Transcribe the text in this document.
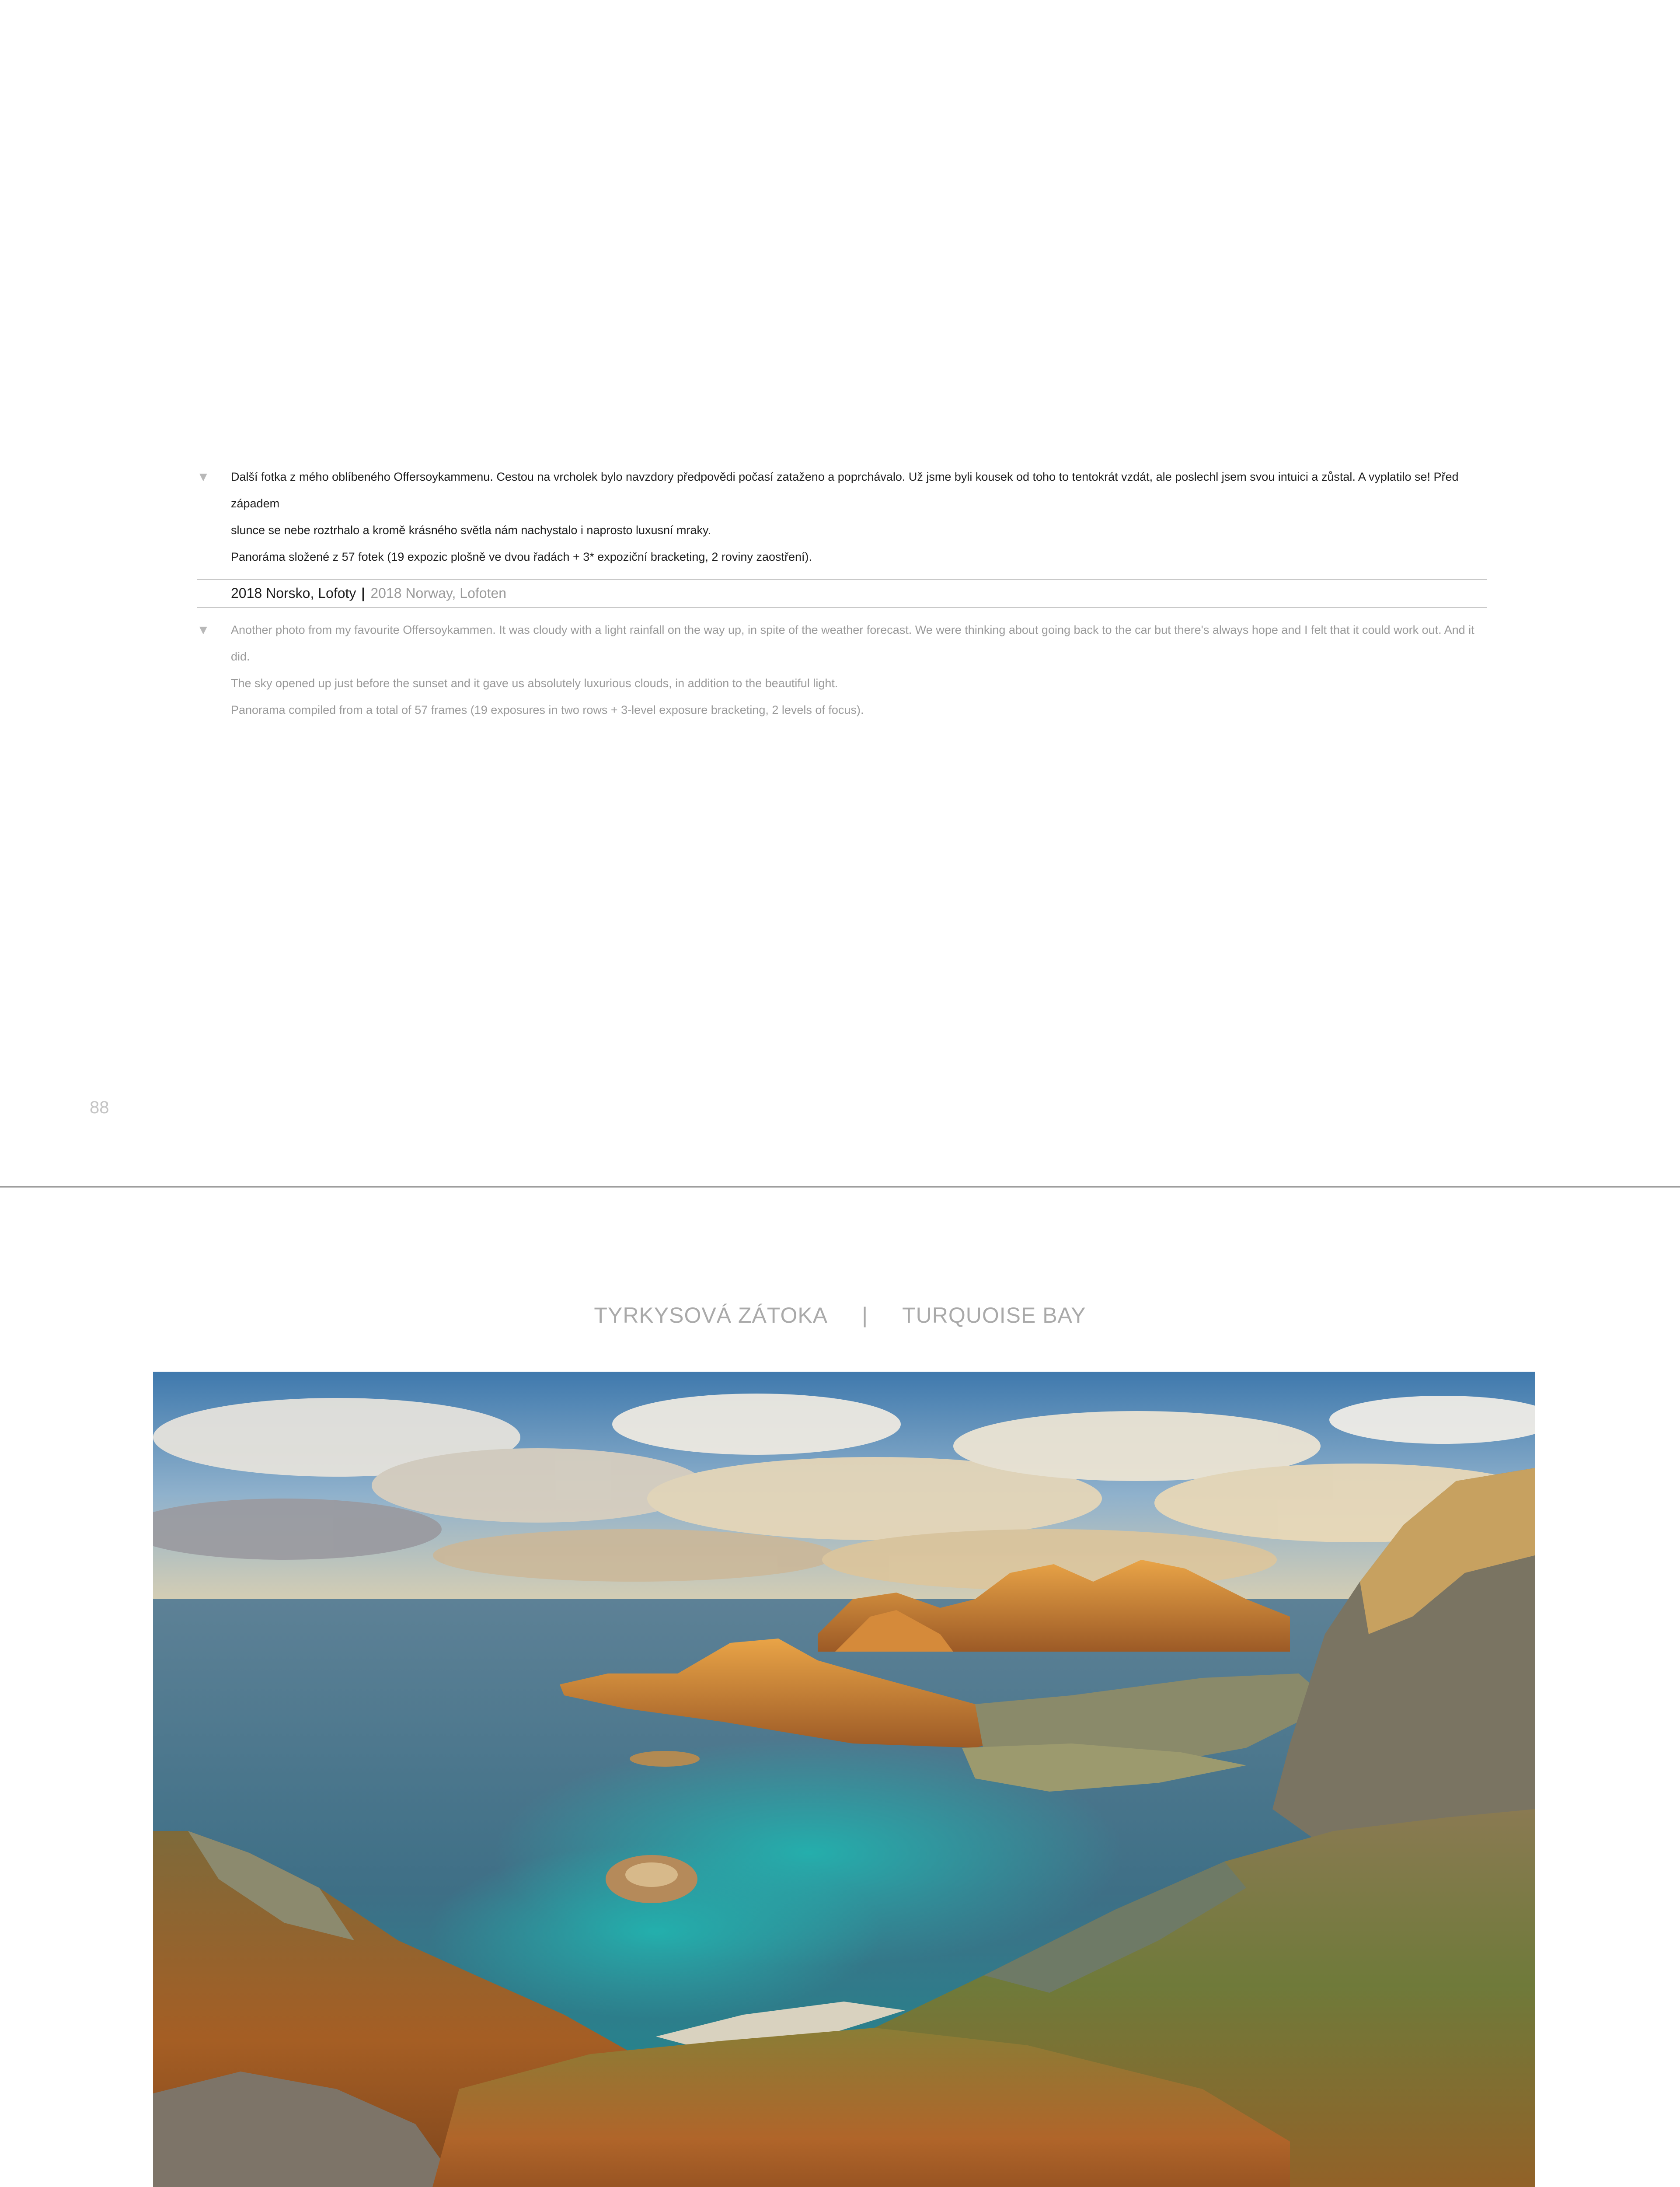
▼ Další fotka z mého oblíbeného Offersoykammenu. Cestou na vrcholek bylo navzdory předpovědi počasí zataženo a poprchávalo. Už jsme byli kousek od toho to tentokrát vzdát, ale poslechl jsem svou intuici a zůstal. A vyplatilo se! Před západem

slunce se nebe roztrhalo a kromě krásného světla nám nachystalo i naprosto luxusní mraky.

Panoráma složené z 57 fotek (19 expozic plošně ve dvou řadách + 3* expoziční bracketing, 2 roviny zaostření).

2018 Norsko, Lofoty | 2018 Norway, Lofoten
▼ Another photo from my favourite Offersoykammen. It was cloudy with a light rainfall on the way up, in spite of the weather forecast. We were thinking about going back to the car but there's always hope and I felt that it could work out. And it did.

The sky opened up just before the sunset and it gave us absolutely luxurious clouds, in addition to the beautiful light.

Panorama compiled from a total of 57 frames (19 exposures in two rows + 3-level exposure bracketing, 2 levels of focus).

88
TYRKYSOVÁ ZÁTOKA | TURQUOISE BAY
